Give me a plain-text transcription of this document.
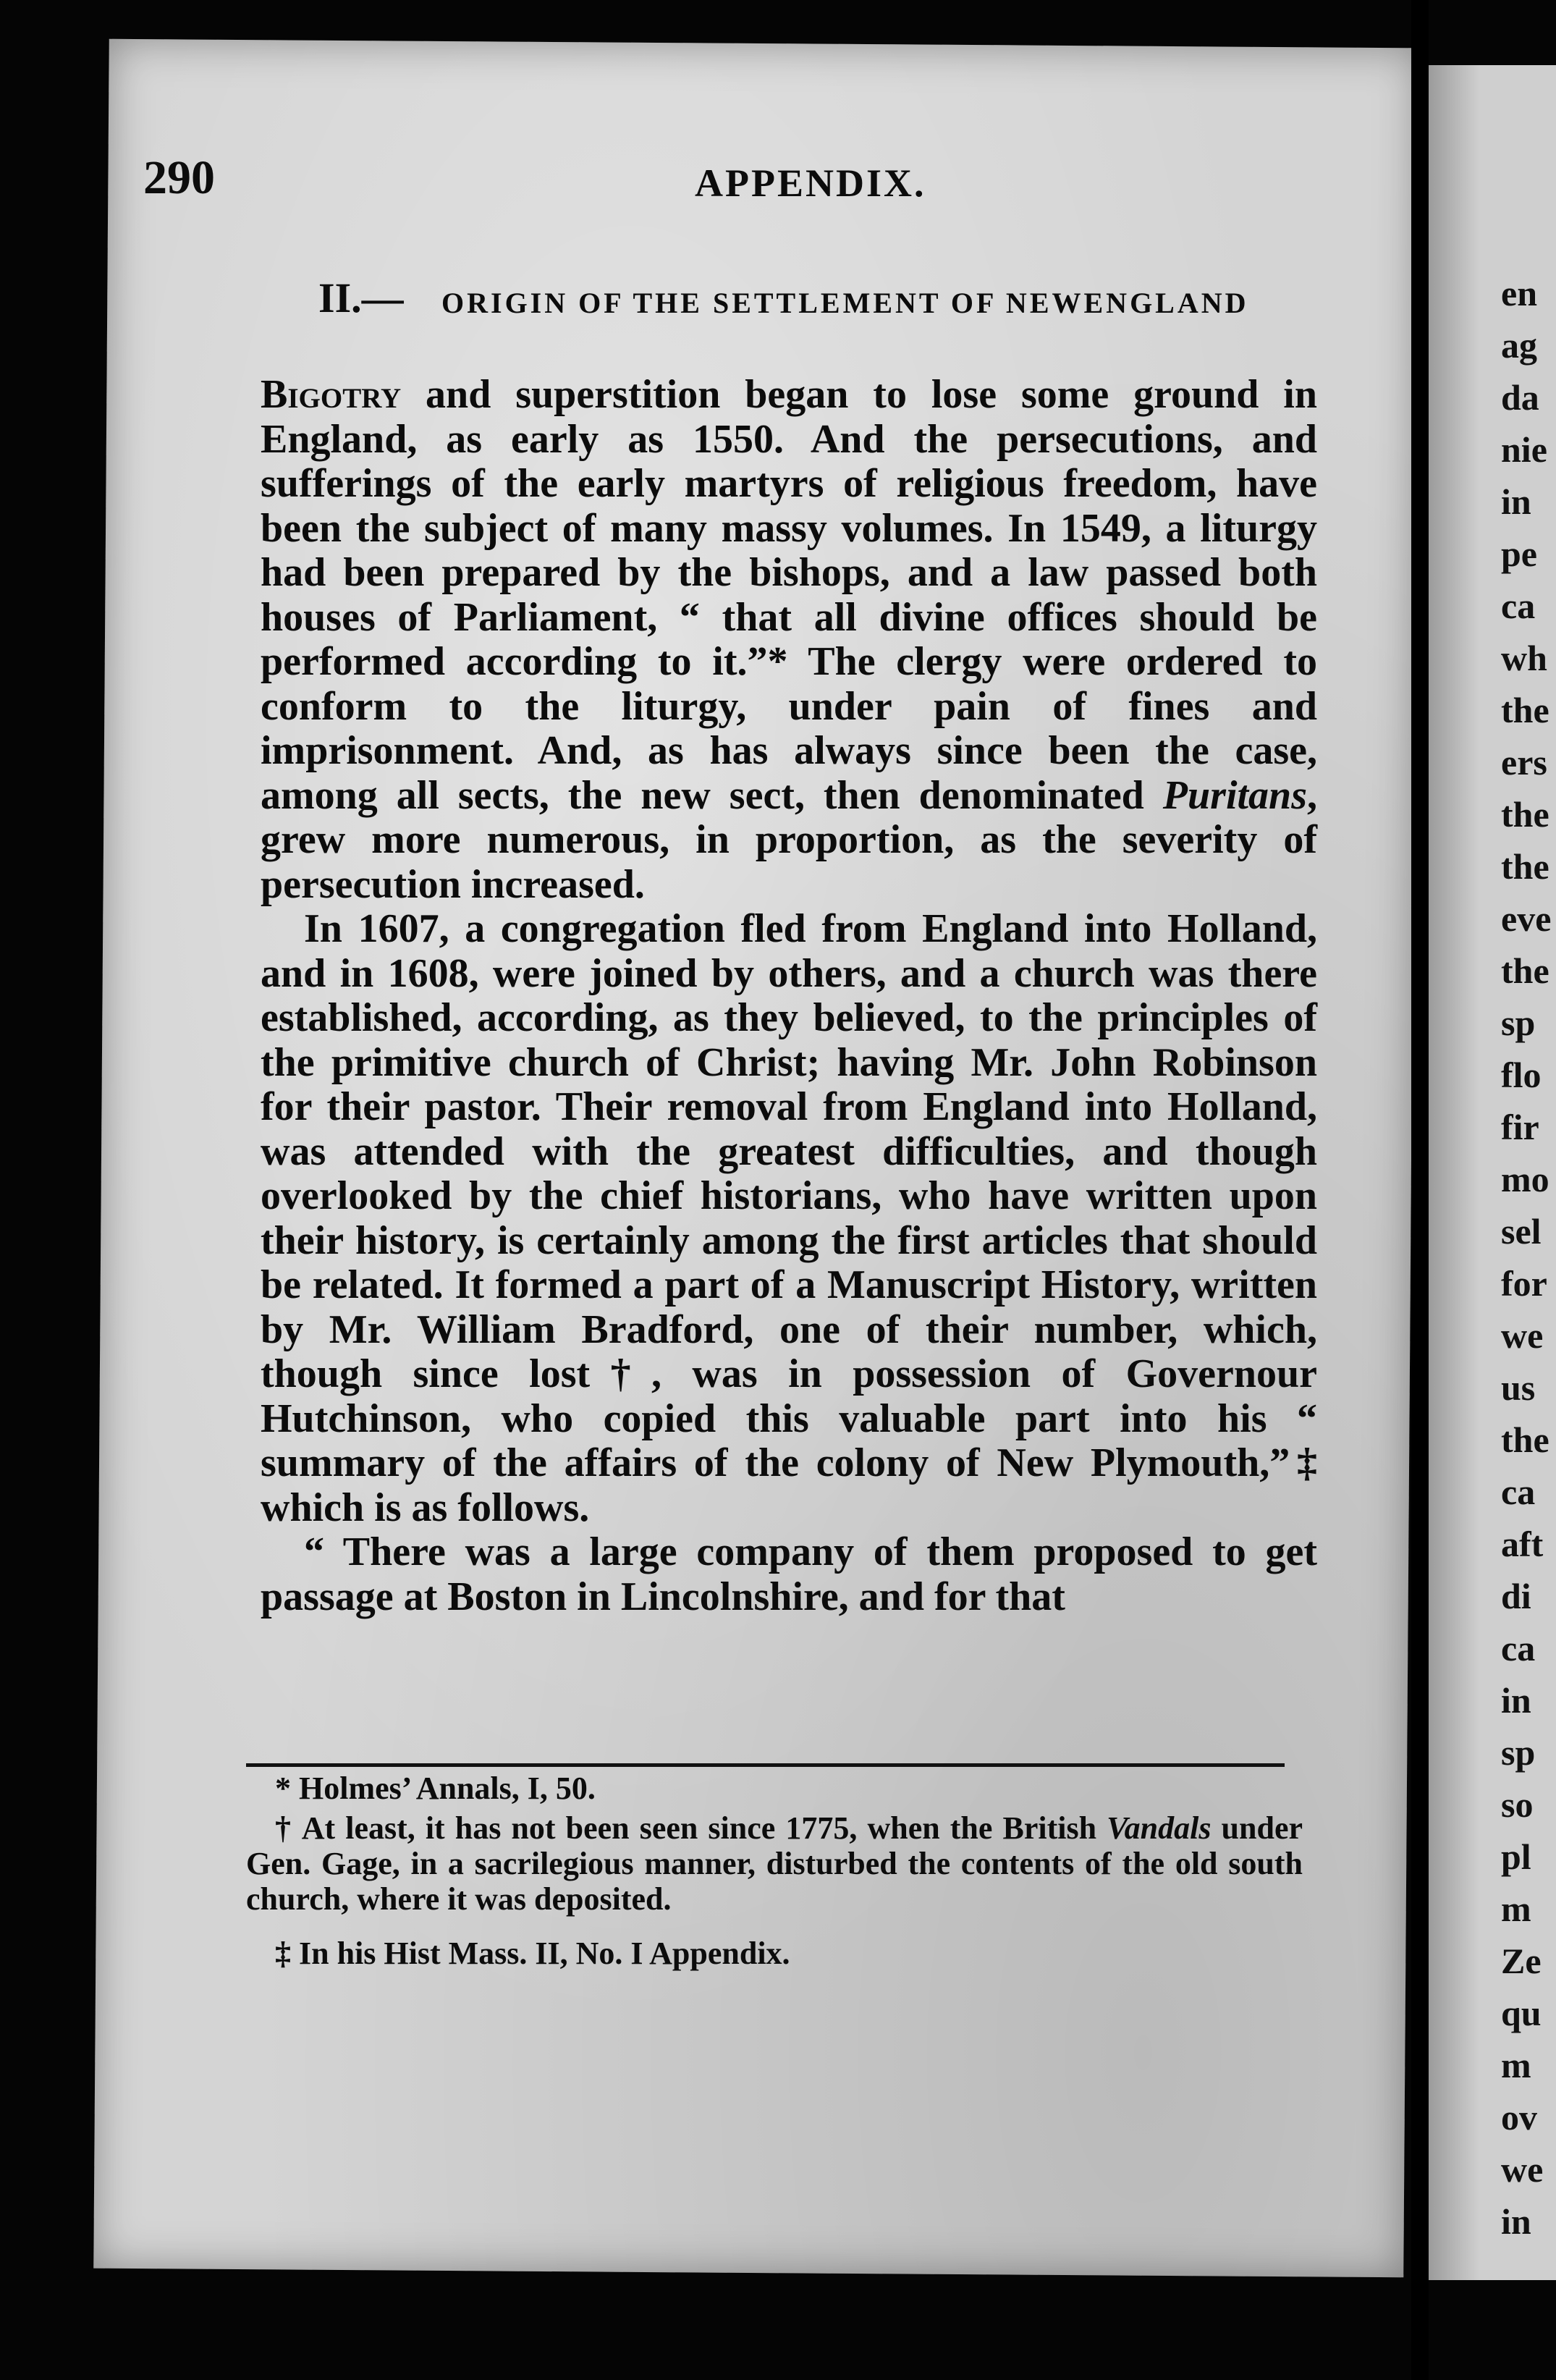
en
ag
da
nie
in
pe
ca
wh
the
ers
the
the
eve
the
sp
flo
fir
mo
sel
for
we
us
the
ca
aft
di
ca
in
sp
so
pl
m
Ze
qu
m
ov
we
in
290	APPENDIX.
II.— ORIGIN OF THE SETTLEMENT OF NEWENGLAND

Bigotry and superstition began to lose some ground in England, as early as 1550. And the persecutions, and sufferings of the early martyrs of religious freedom, have been the subject of many massy volumes. In 1549, a liturgy had been prepared by the bishops, and a law passed both houses of Parliament, “ that all divine offices should be performed according to it.”* The clergy were ordered to conform to the liturgy, under pain of fines and imprisonment. And, as has always since been the case, among all sects, the new sect, then denominated Puritans, grew more numerous, in proportion, as the severity of persecution increased.

In 1607, a congregation fled from England into Holland, and in 1608, were joined by others, and a church was there established, according, as they believed, to the principles of the primitive church of Christ; having Mr. John Robinson for their pastor. Their removal from England into Holland, was attended with the greatest difficulties, and though overlooked by the chief historians, who have written upon their history, is certainly among the first articles that should be related. It formed a part of a Manuscript History, written by Mr. William Bradford, one of their number, which, though since lost†, was in possession of Governour Hutchinson, who copied this valuable part into his “ summary of the affairs of the colony of New Plymouth,”‡ which is as follows.

“ There was a large company of them proposed to get passage at Boston in Lincolnshire, and for that

* Holmes’ Annals, I, 50.

† At least, it has not been seen since 1775, when the British Vandals under Gen. Gage, in a sacrilegious manner, disturbed the contents of the old south church, where it was deposited.

‡ In his Hist Mass. II, No. I Appendix.
